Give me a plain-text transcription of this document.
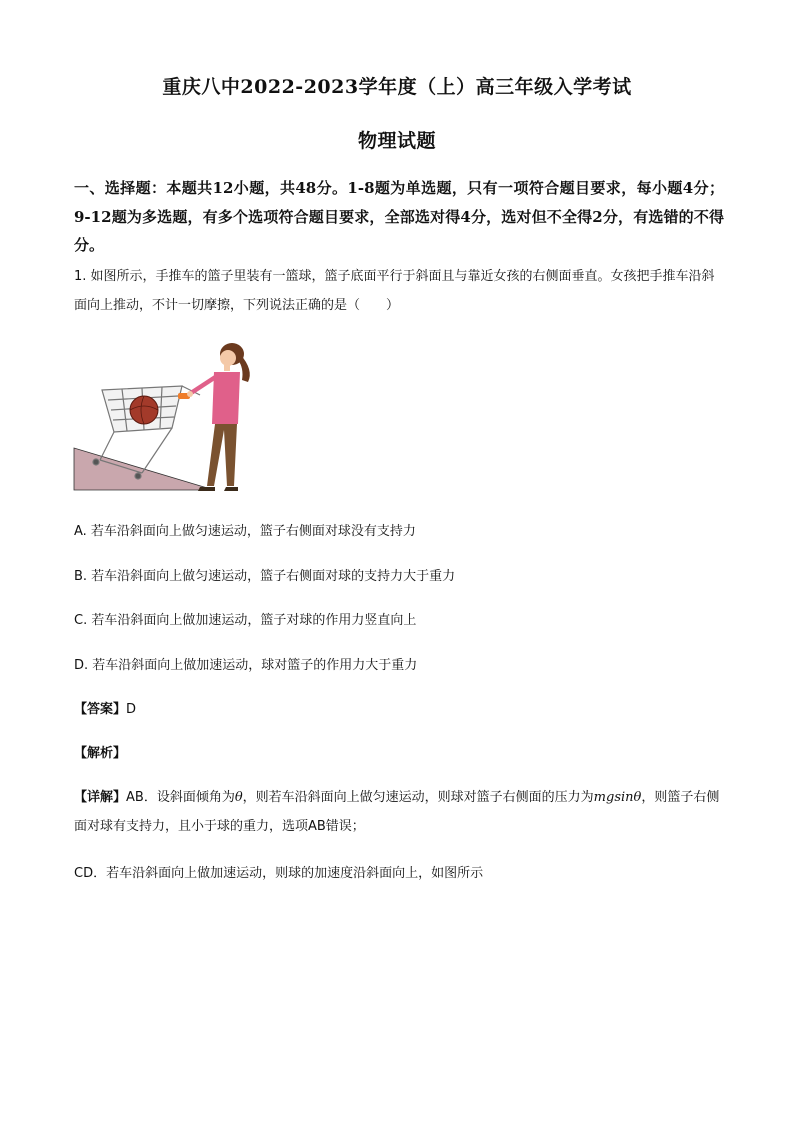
重庆八中2022-2023学年度（上）高三年级入学考试
物理试题
一、选择题：本题共12小题，共48分。1-8题为单选题，只有一项符合题目要求，每小题4分；9-12题为多选题，有多个选项符合题目要求，全部选对得4分，选对但不全得2分，有选错的不得分。
1. 如图所示，手推车的篮子里装有一篮球，篮子底面平行于斜面且与靠近女孩的右侧面垂直。女孩把手推车沿斜面向上推动，不计一切摩擦，下列说法正确的是（　　）
A. 若车沿斜面向上做匀速运动，篮子右侧面对球没有支持力
B. 若车沿斜面向上做匀速运动，篮子右侧面对球的支持力大于重力
C. 若车沿斜面向上做加速运动，篮子对球的作用力竖直向上
D. 若车沿斜面向上做加速运动，球对篮子的作用力大于重力
【答案】D
【解析】
【详解】AB．设斜面倾角为θ，则若车沿斜面向上做匀速运动，则球对篮子右侧面的压力为mgsinθ，则篮子右侧面对球有支持力，且小于球的重力，选项AB错误；
CD．若车沿斜面向上做加速运动，则球的加速度沿斜面向上，如图所示
